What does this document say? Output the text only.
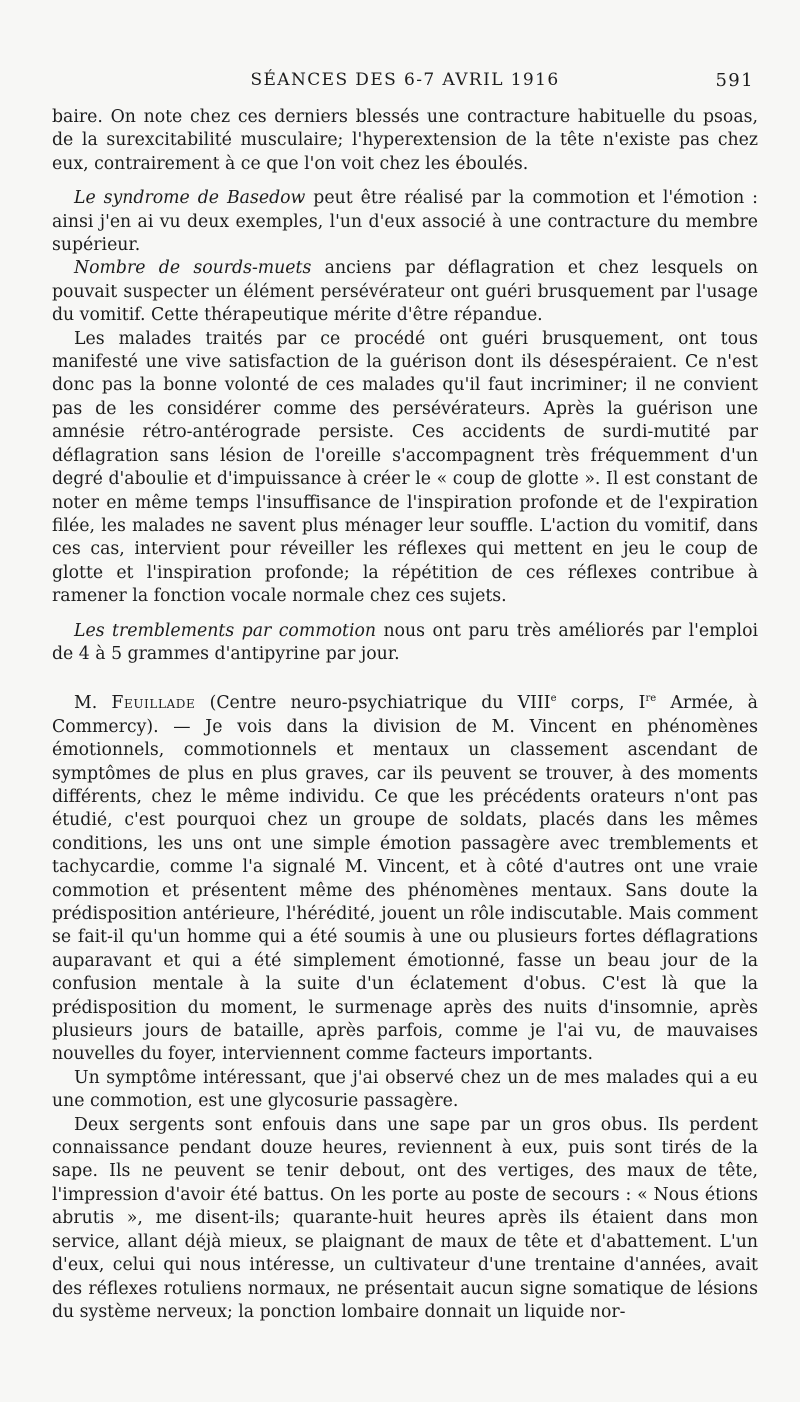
SÉANCES DES 6-7 AVRIL 1916	591

baire. On note chez ces derniers blessés une contracture habituelle du psoas, de la surexcitabilité musculaire; l'hyperextension de la tête n'existe pas chez eux, contrairement à ce que l'on voit chez les éboulés.

Le syndrome de Basedow peut être réalisé par la commotion et l'émotion : ainsi j'en ai vu deux exemples, l'un d'eux associé à une contracture du membre supérieur.

Nombre de sourds-muets anciens par déflagration et chez lesquels on pouvait suspecter un élément persévérateur ont guéri brusquement par l'usage du vomitif. Cette thérapeutique mérite d'être répandue.

Les malades traités par ce procédé ont guéri brusquement, ont tous manifesté une vive satisfaction de la guérison dont ils désespéraient. Ce n'est donc pas la bonne volonté de ces malades qu'il faut incriminer; il ne convient pas de les considérer comme des persévérateurs. Après la guérison une amnésie rétro-antérograde persiste. Ces accidents de surdi-mutité par déflagration sans lésion de l'oreille s'accompagnent très fréquemment d'un degré d'aboulie et d'impuissance à créer le « coup de glotte ». Il est constant de noter en même temps l'insuffisance de l'inspiration profonde et de l'expiration filée, les malades ne savent plus ménager leur souffle. L'action du vomitif, dans ces cas, intervient pour réveiller les réflexes qui mettent en jeu le coup de glotte et l'inspiration profonde; la répétition de ces réflexes contribue à ramener la fonction vocale normale chez ces sujets.

Les tremblements par commotion nous ont paru très améliorés par l'emploi de 4 à 5 grammes d'antipyrine par jour.

M. Feuillade (Centre neuro-psychiatrique du VIIIe corps, Ire Armée, à Commercy). — Je vois dans la division de M. Vincent en phénomènes émotionnels, commotionnels et mentaux un classement ascendant de symptômes de plus en plus graves, car ils peuvent se trouver, à des moments différents, chez le même individu. Ce que les précédents orateurs n'ont pas étudié, c'est pourquoi chez un groupe de soldats, placés dans les mêmes conditions, les uns ont une simple émotion passagère avec tremblements et tachycardie, comme l'a signalé M. Vincent, et à côté d'autres ont une vraie commotion et présentent même des phénomènes mentaux. Sans doute la prédisposition antérieure, l'hérédité, jouent un rôle indiscutable. Mais comment se fait-il qu'un homme qui a été soumis à une ou plusieurs fortes déflagrations auparavant et qui a été simplement émotionné, fasse un beau jour de la confusion mentale à la suite d'un éclatement d'obus. C'est là que la prédisposition du moment, le surmenage après des nuits d'insomnie, après plusieurs jours de bataille, après parfois, comme je l'ai vu, de mauvaises nouvelles du foyer, interviennent comme facteurs importants.

Un symptôme intéressant, que j'ai observé chez un de mes malades qui a eu une commotion, est une glycosurie passagère.

Deux sergents sont enfouis dans une sape par un gros obus. Ils perdent connaissance pendant douze heures, reviennent à eux, puis sont tirés de la sape. Ils ne peuvent se tenir debout, ont des vertiges, des maux de tête, l'impression d'avoir été battus. On les porte au poste de secours : « Nous étions abrutis », me disent-ils; quarante-huit heures après ils étaient dans mon service, allant déjà mieux, se plaignant de maux de tête et d'abattement. L'un d'eux, celui qui nous intéresse, un cultivateur d'une trentaine d'années, avait des réflexes rotuliens normaux, ne présentait aucun signe somatique de lésions du système nerveux; la ponction lombaire donnait un liquide nor-
